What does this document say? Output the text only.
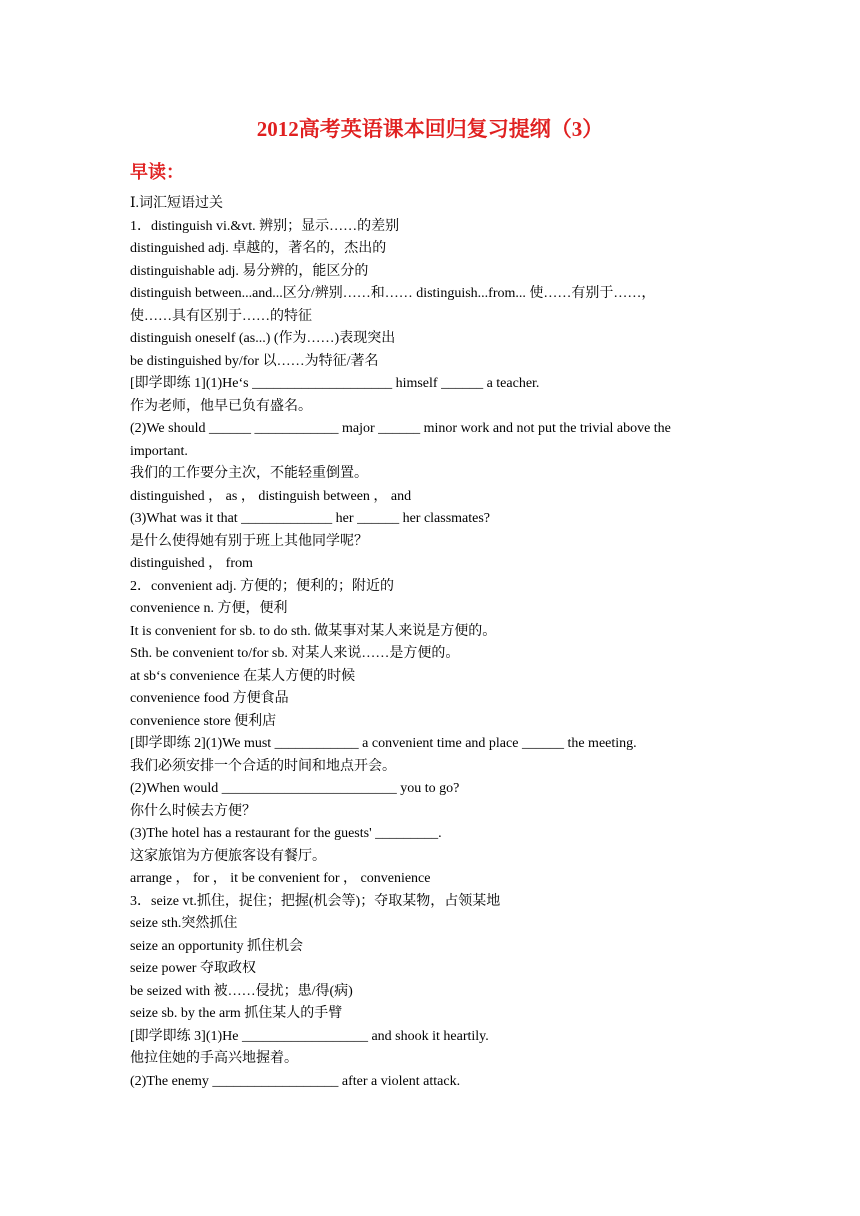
2012高考英语课本回归复习提纲（3）
早读：
Ⅰ.词汇短语过关
1．distinguish vi.&vt. 辨别；显示……的差别
distinguished adj. 卓越的，著名的，杰出的
distinguishable adj. 易分辨的，能区分的
distinguish between...and...区分/辨别……和…… distinguish...from... 使……有别于……，
使……具有区别于……的特征
distinguish oneself (as...) (作为……)表现突出
be distinguished by/for 以……为特征/著名
[即学即练 1](1)He‘s ____________________ himself ______ a teacher.
作为老师，他早已负有盛名。
(2)We should ______ ____________ major ______ minor work and not put the trivial above the
important.
我们的工作要分主次，不能轻重倒置。
distinguished ， as ， distinguish between ， and
(3)What was it that _____________ her ______ her classmates?
是什么使得她有别于班上其他同学呢？
distinguished ， from
2．convenient adj. 方便的；便利的；附近的
convenience n. 方便，便利
It is convenient for sb. to do sth. 做某事对某人来说是方便的。
Sth. be convenient to/for sb. 对某人来说……是方便的。
at sb‘s convenience 在某人方便的时候
convenience food 方便食品
convenience store 便利店
[即学即练 2](1)We must ____________ a convenient time and place ______ the meeting.
我们必须安排一个合适的时间和地点开会。
(2)When would _________________________ you to go?
你什么时候去方便？
(3)The hotel has a restaurant for the guests' _________.
这家旅馆为方便旅客设有餐厅。
arrange ， for ， it be convenient for ， convenience
3．seize vt.抓住，捉住；把握(机会等)；夺取某物，占领某地
seize sth.突然抓住
seize an opportunity 抓住机会
seize power 夺取政权
be seized with 被……侵扰；患/得(病)
seize sb. by the arm 抓住某人的手臂
[即学即练 3](1)He __________________ and shook it heartily.
他拉住她的手高兴地握着。
(2)The enemy __________________ after a violent attack.
